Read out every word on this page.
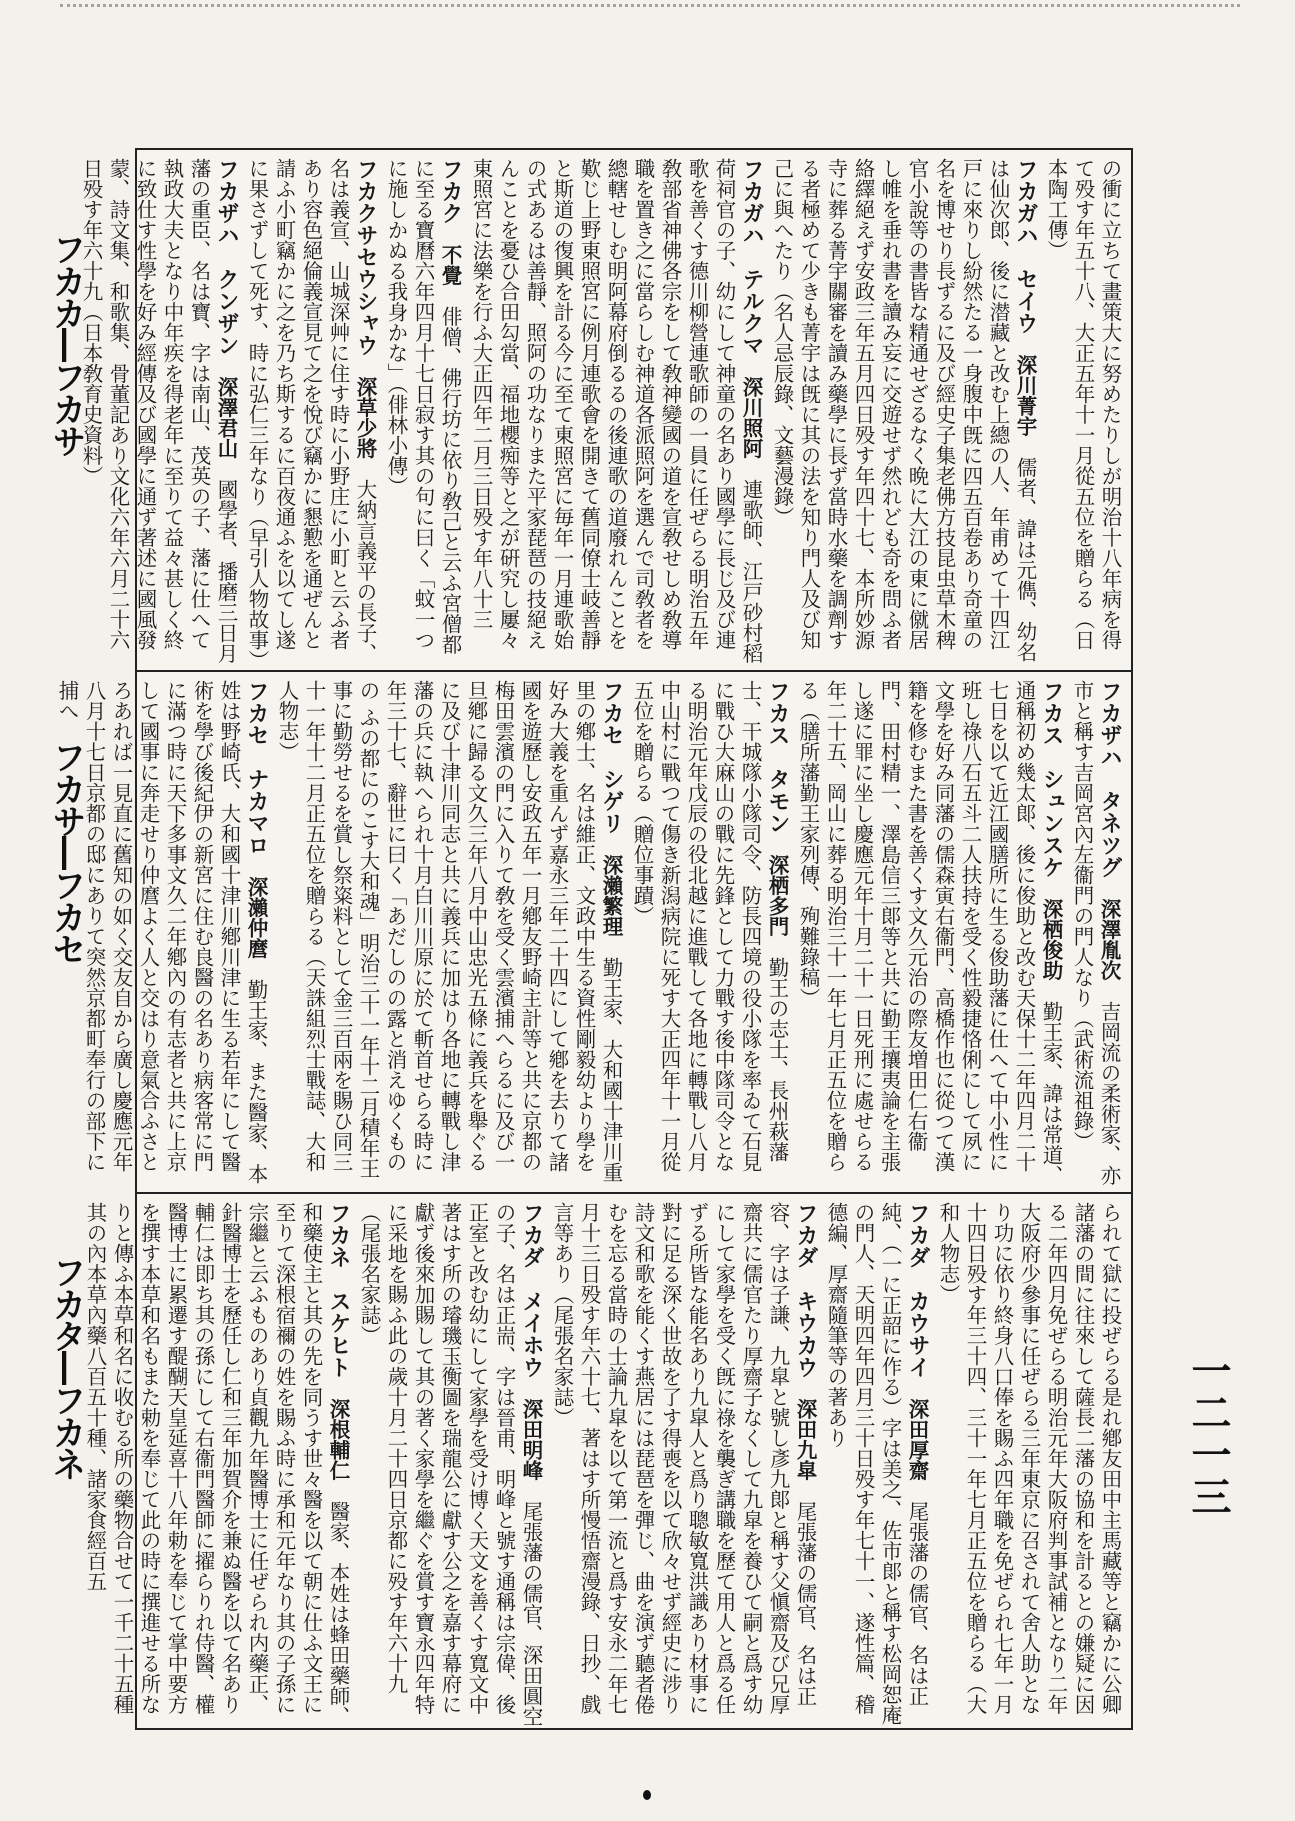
フカカ―フカサ
フカサ―フカセ
フカタ―フカネ	一二一三
の衝に立ちて畫策大に努めたりしが明治十八年病を得て殁す年五十八、大正五年十一月從五位を贈らる（日本陶工傳）
フカガハ　セイウ　深川菁宇　儒者、諱は元儁、幼名は仙次郎、後に潜藏と改む上總の人、年甫めて十四江戸に來りし紛然たる一身腹中旣に四五百卷あり奇童の名を博せり長ずるに及び經史子集老佛方技昆虫草木稗官小說等の書皆な精通せざるなく晩に大江の東に僦居し帷を垂れ書を讀み妄に交遊せず然れども奇を問ふ者絡繹絕えず安政三年五月四日殁す年四十七、本所妙源寺に葬る菁宇關審を讀み藥學に長ず當時水藥を調劑する者極めて少きも菁宇は旣に其の法を知り門人及び知己に與へたり（名人忌辰錄、文藝漫錄）
フカガハ　テルクマ　深川照阿　連歌師、江戸砂村稻荷祠官の子、幼にして神童の名あり國學に長じ及び連歌を善くす德川柳營連歌師の一員に任ぜらる明治五年敎部省神佛各宗をして敎神變國の道を宣敎せしめ敎導職を置き之に當らしむ神道各派照阿を選んで司敎者を總轄せしむ明阿幕府倒るるの後連歌の道廢れんことを歎じ上野東照宮に例月連歌會を開きて舊同僚士岐善靜と斯道の復興を計る今に至て東照宮に毎年一月連歌始の式あるは善靜、照阿の功なりまた平家琵琶の技絕えんことを憂ひ合田勾當、福地櫻痴等と之が硏究し屢々東照宮に法樂を行ふ大正四年二月三日殁す年八十三
フカク　不覺　俳僧、佛行坊に依り敎己と云ふ宮僧都に至る寶曆六年四月十七日寂す其の句に曰く「蚊一つに施しかぬる我身かな」（俳林小傳）
フカクサセウシャウ　深草少將　大納言義平の長子、名は義宣、山城深艸に住す時に小野庄に小町と云ふ者あり容色絕倫義宣見て之を悅び竊かに懇懃を通ぜんと請ふ小町竊かに之を乃ち斯するに百夜通ふを以てし遂に果さずして死す、時に弘仁三年なり（早引人物故事）
フカザハ　クンザン　深澤君山　國學者、播磨三日月藩の重臣、名は寶、字は南山、茂英の子、藩に仕へて執政大夫となり中年疾を得老年に至りて益々甚しく終に致仕す性學を好み經傳及び國學に通ず著述に國風發蒙、詩文集、和歌集、骨董記あり文化六年六月二十六日殁す年六十九（日本敎育史資料）
フカザハ　タネツグ　深澤胤次　吉岡流の柔術家、亦市と稱す吉岡宮內左衞門の門人なり（武術流祖錄）
フカス　シュンスケ　深栖俊助　勤王家、諱は常道、通稱初め幾太郞、後に俊助と改む天保十二年四月二十七日を以て近江國膳所に生る俊助藩に仕へて中小性に班し祿八石五斗二人扶持を受く性毅捷恪俐にして夙に文學を好み同藩の儒森寅右衞門、高橋作也に從つて漢籍を修むまた書を善くす文久元治の際友増田仁右衞門、田村精一、澤島信三郞等と共に勤王攘夷論を主張し遂に罪に坐し慶應元年十月二十一日死刑に處せらる年二十五、岡山に葬る明治三十一年七月正五位を贈らる（膳所藩勤王家列傳、殉難錄稿）
フカス　タモン　深栖多門　勤王の志士、長州萩藩士、干城隊小隊司令、防長四境の役小隊を率ゐて石見に戰ひ大麻山の戰に先鋒として力戰す後中隊司令となる明治元年戊辰の役北越に進戰して各地に轉戰し八月中山村に戰つて傷き新潟病院に死す大正四年十一月從五位を贈らる（贈位事蹟）
フカセ　シゲリ　深瀨繁理　勤王家、大和國十津川重里の鄕士、名は維正、文政中生る資性剛毅幼より學を好み大義を重んず嘉永三年二十四にして鄕を去りて諸國を遊歷し安政五年一月鄕友野崎主計等と共に京都の梅田雲濱の門に入りて敎を受く雲濱捕へらるに及び一旦鄕に歸る文久三年八月中山忠光五條に義兵を舉ぐるに及び十津川同志と共に義兵に加はり各地に轉戰し津藩の兵に執へられ十月白川川原に於て斬首せらる時に年三十七、辭世に曰く「あだしのの露と消えゆくものの ふの都にのこす大和魂」明治三十一年十二月積年王事に勤勞せるを賞し祭粢料として金三百兩を賜ひ同三十一年十二月正五位を贈らる（天誅組烈士戰誌、大和人物志）
フカセ　ナカマロ　深瀨仲麿　勤王家、また醫家、本姓は野崎氏、大和國十津川鄕川津に生る若年にして醫術を學び後紀伊の新宮に住む良醫の名あり病客常に門に滿つ時に天下多事文久二年鄕內の有志者と共に上京して國事に奔走せり仲麿よく人と交はり意氣合ふさとろあれば一見直に舊知の如く交友自から廣し慶應元年八月十七日京都の邸にありて突然京都町奉行の部下に捕へ
られて獄に投ぜらる是れ鄕友田中主馬藏等と竊かに公卿諸藩の間に往來して薩長二藩の協和を計るとの嫌疑に因る二年四月免ぜらる明治元年大阪府判事試補となり二年大阪府少參事に任ぜらる三年東京に召されて舍人助となり功に依り終身八口俸を賜ふ四年職を免ぜられ七年一月十四日殁す年三十四、三十一年七月正五位を贈らる（大和人物志）
フカダ　カウサイ　深田厚齋　尾張藩の儒官、名は正純、（一に正韶に作る）字は美之、佐市郞と稱す松岡恕庵の門人、天明四年四月三十日殁す年七十一、遂性篇、稽德編、厚齋隨筆等の著あり
フカダ　キウカウ　深田九皐　尾張藩の儒官、名は正容、字は子謙、九皐と號し彥九郞と稱す父愼齋及び兄厚齋共に儒官たり厚齋子なくして九皐を養ひて嗣と爲す幼にして家學を受く旣に祿を襲ぎ講職を歷て用人と爲る任ずる所皆な能名あり九皐人と爲り聰敏寬洪識あり材事に對に足る深く世故を了す得喪を以て欣々せず經史に涉り詩文和歌を能くす燕居には琵琶を彈じ、曲を演ず聽者倦むを忘る當時の士論九皐を以て第一流と爲す安永二年七月十三日殁す年六十七、著はす所慢悟齋漫錄、日抄、戲言等あり（尾張名家誌）
フカダ　メイホウ　深田明峰　尾張藩の儒官、深田圓空の子、名は正耑、字は晉甫、明峰と號す通稱は宗偉、後正室と改む幼にして家學を受け博く天文を善くす寬文中著はす所の璿璣玉衡圖を瑞龍公に獻す公之を嘉す幕府に獻ず後來加賜して其の著く家學を繼ぐを賞す寶永四年特に采地を賜ふ此の歲十月二十四日京都に殁す年六十九（尾張名家誌）
フカネ　スケヒト　深根輔仁　醫家、本姓は蜂田藥師、和藥使主と其の先を同うす世々醫を以て朝に仕ふ文王に至りて深根宿禰の姓を賜ふ時に承和元年なり其の子孫に宗繼と云ふものあり貞觀九年醫博士に任ぜられ内藥正、針醫博士を歷任し仁和三年加賀介を兼ぬ醫を以て名あり輔仁は即ち其の孫にして右衞門醫師に擢らりれ侍醫、權醫博士に累遷す醍醐天皇延喜十八年勅を奉じて掌中要方を撰す本草和名もまた勅を奉じて此の時に撰進せる所なりと傳ふ本草和名に收むる所の藥物合せて一千二十五種其の內本草內藥八百五十種、諸家食經百五
